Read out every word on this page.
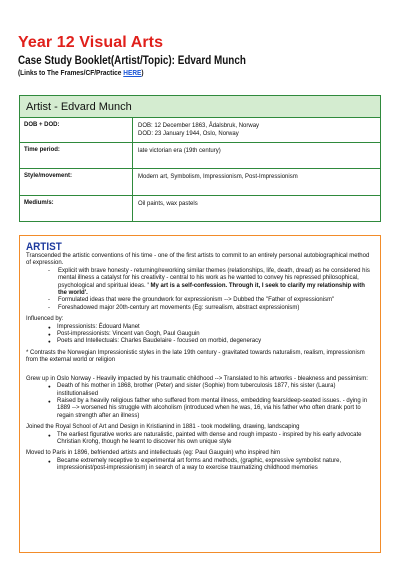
Year 12 Visual Arts
Case Study Booklet(Artist/Topic): Edvard Munch
(Links to The Frames/CF/Practice HERE)
Artist - Edvard Munch
DOB + DOD:	DOB: 12 December 1863, Ådalsbruk, Norway
DOD: 23 January 1944, Oslo, Norway
Time period:	late victorian era (19th century)
Style/movement:	Modern art, Symbolism, Impressionism, Post-Impressionism
Medium/s:	Oil paints, wax pastels
ARTIST
Transcended the artistic conventions of his time - one of the first artists to commit to an entirely personal autobiographical method of expression.
- Explicit with brave honesty - returning/reworking similar themes (relationships, life, death, dread) as he considered his mental illness a catalyst for his creativity - central to his work as he wanted to convey his repressed philosophical, psychological and spiritual ideas. ' My art is a self-confession. Through it, I seek to clarify my relationship with the world'.
- Formulated ideas that were the groundwork for expressionism --> Dubbed the "Father of expressionism"
- Foreshadowed major 20th-century art movements (Eg: surrealism, abstract expressionism)
Influenced by:
● Impressionists: Édouard Manet
● Post-impressionists: Vincent van Gogh, Paul Gauguin
● Poets and Intellectuals: Charles Baudelaire - focused on morbid, degeneracy
* Contrasts the Norwegian Impressionistic styles in the late 19th century - gravitated towards naturalism, realism, impressionism from the external world or religion
Grew up in Oslo Norway - Heavily impacted by his traumatic childhood --> Translated to his artworks - bleakness and pessimism:
● Death of his mother in 1868, brother (Peter) and sister (Sophie) from tuberculosis 1877, his sister (Laura) institutionalised
● Raised by a heavily religious father who suffered from mental illness, embedding fears/deep-seated issues. - dying in 1889 --> worsened his struggle with alcoholism (introduced when he was, 16, via his father who often drank port to regain strength after an illness)
Joined the Royal School of Art and Design in Kristianind in 1881 - took modelling, drawing, landscaping
● The earliest figurative works are naturalistic, painted with dense and rough impasto - inspired by his early advocate Christian Krohg, though he learnt to discover his own unique style
Moved to Paris in 1896, befriended artists and intellectuals (eg: Paul Gauguin) who inspired him
● Became extremely receptive to experimental art forms and methods, (graphic, expressive symbolist nature, impressionist/post-impressionism) in search of a way to exercise traumatizing childhood memories
